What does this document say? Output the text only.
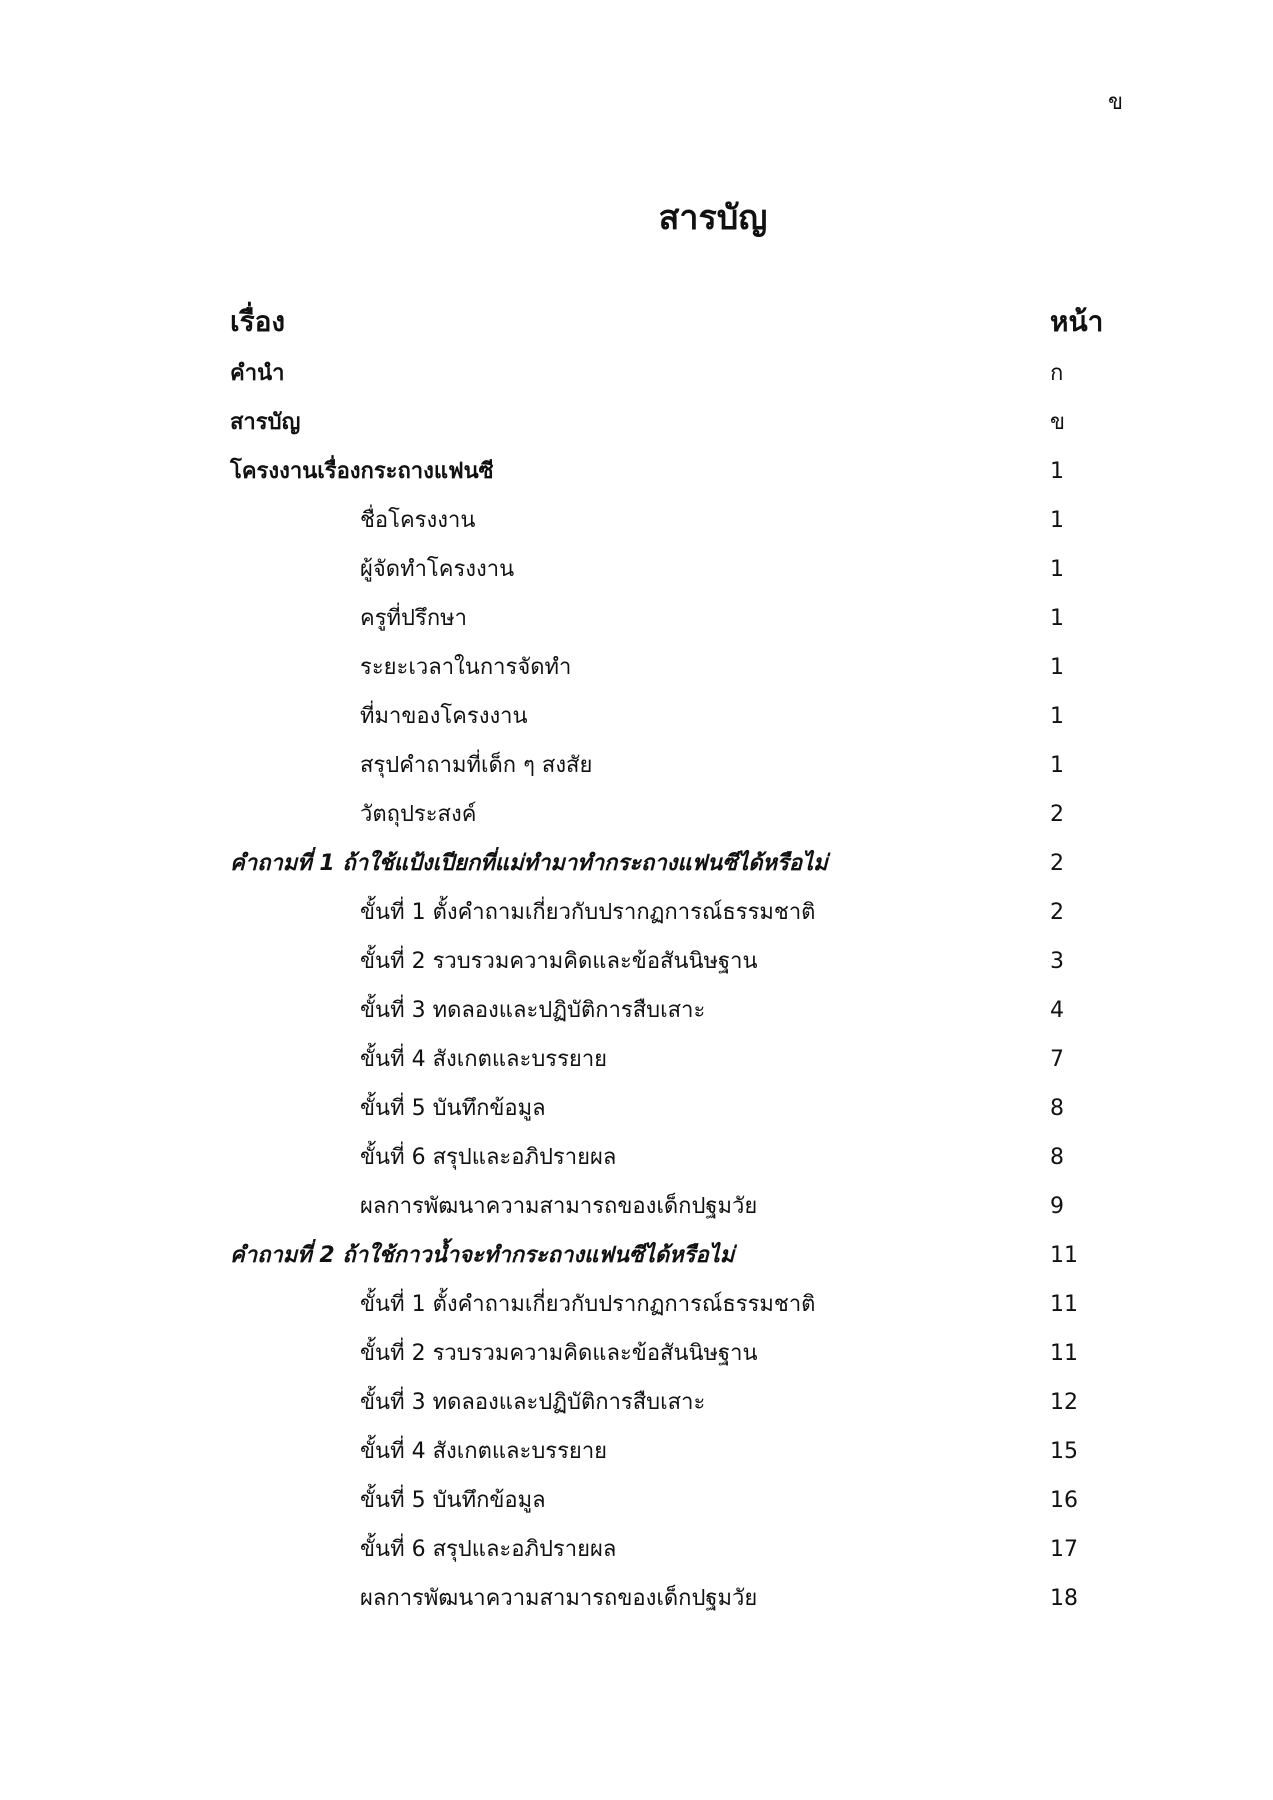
ข
สารบัญ
เรื่อง	หน้า
คำนำ	ก
สารบัญ	ข
โครงงานเรื่องกระถางแฟนซี	1
ชื่อโครงงาน	1
ผู้จัดทำโครงงาน	1
ครูที่ปรึกษา	1
ระยะเวลาในการจัดทำ	1
ที่มาของโครงงาน	1
สรุปคำถามที่เด็ก ๆ สงสัย	1
วัตถุประสงค์	2
คำถามที่ 1 ถ้าใช้แป้งเปียกที่แม่ทำมาทำกระถางแฟนซีได้หรือไม่	2
ขั้นที่ 1 ตั้งคำถามเกี่ยวกับปรากฏการณ์ธรรมชาติ	2
ขั้นที่ 2 รวบรวมความคิดและข้อสันนิษฐาน	3
ขั้นที่ 3 ทดลองและปฏิบัติการสืบเสาะ	4
ขั้นที่ 4 สังเกตและบรรยาย	7
ขั้นที่ 5 บันทึกข้อมูล	8
ขั้นที่ 6 สรุปและอภิปรายผล	8
ผลการพัฒนาความสามารถของเด็กปฐมวัย	9
คำถามที่ 2 ถ้าใช้กาวน้ำจะทำกระถางแฟนซีได้หรือไม่	11
ขั้นที่ 1 ตั้งคำถามเกี่ยวกับปรากฏการณ์ธรรมชาติ	11
ขั้นที่ 2 รวบรวมความคิดและข้อสันนิษฐาน	11
ขั้นที่ 3 ทดลองและปฏิบัติการสืบเสาะ	12
ขั้นที่ 4 สังเกตและบรรยาย	15
ขั้นที่ 5 บันทึกข้อมูล	16
ขั้นที่ 6 สรุปและอภิปรายผล	17
ผลการพัฒนาความสามารถของเด็กปฐมวัย	18
